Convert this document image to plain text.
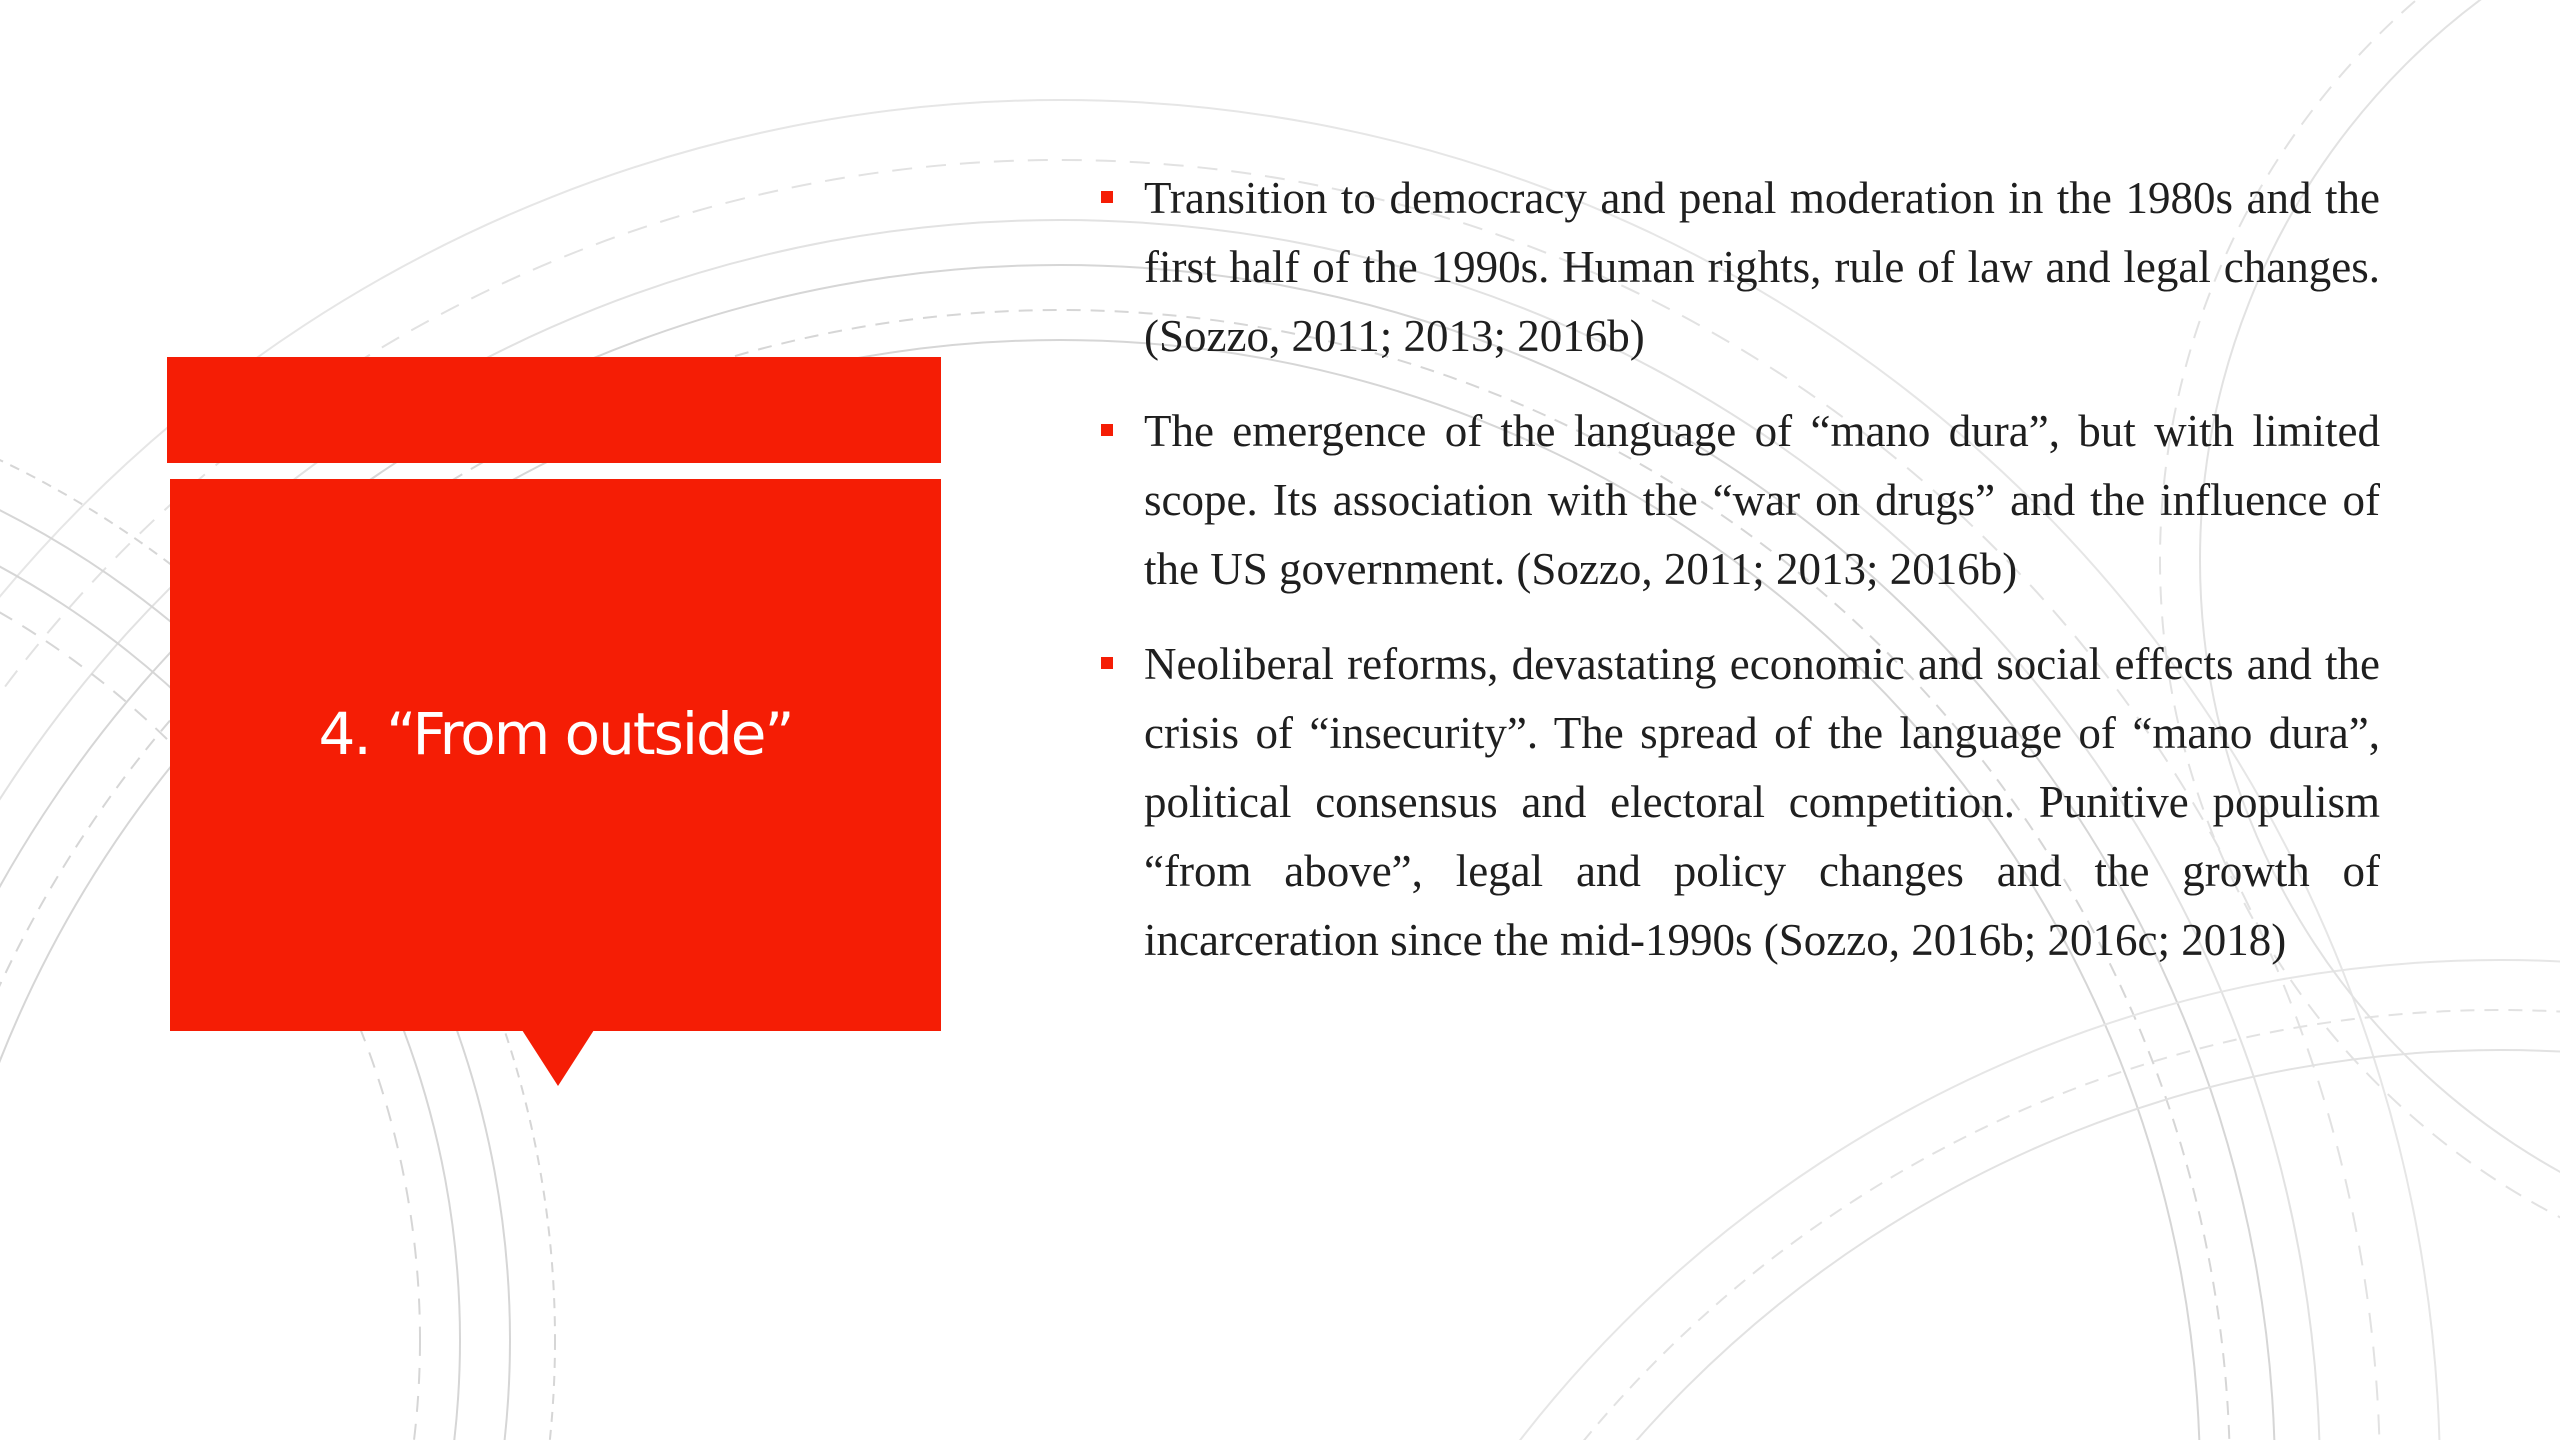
4. “From outside”
Transition to democracy and penal moderation in the 1980s and the first half of the 1990s. Human rights, rule of law and legal changes. (Sozzo, 2011; 2013; 2016b)
The emergence of the language of “mano dura”, but with limited scope. Its association with the “war on drugs” and the influence of the US government. (Sozzo, 2011; 2013; 2016b)
Neoliberal reforms, devastating economic and social effects and the crisis of “insecurity”. The spread of the language of “mano dura”, political consensus and electoral competition. Punitive populism “from above”, legal and policy changes and the growth of incarceration since the mid-1990s (Sozzo, 2016b; 2016c; 2018)
